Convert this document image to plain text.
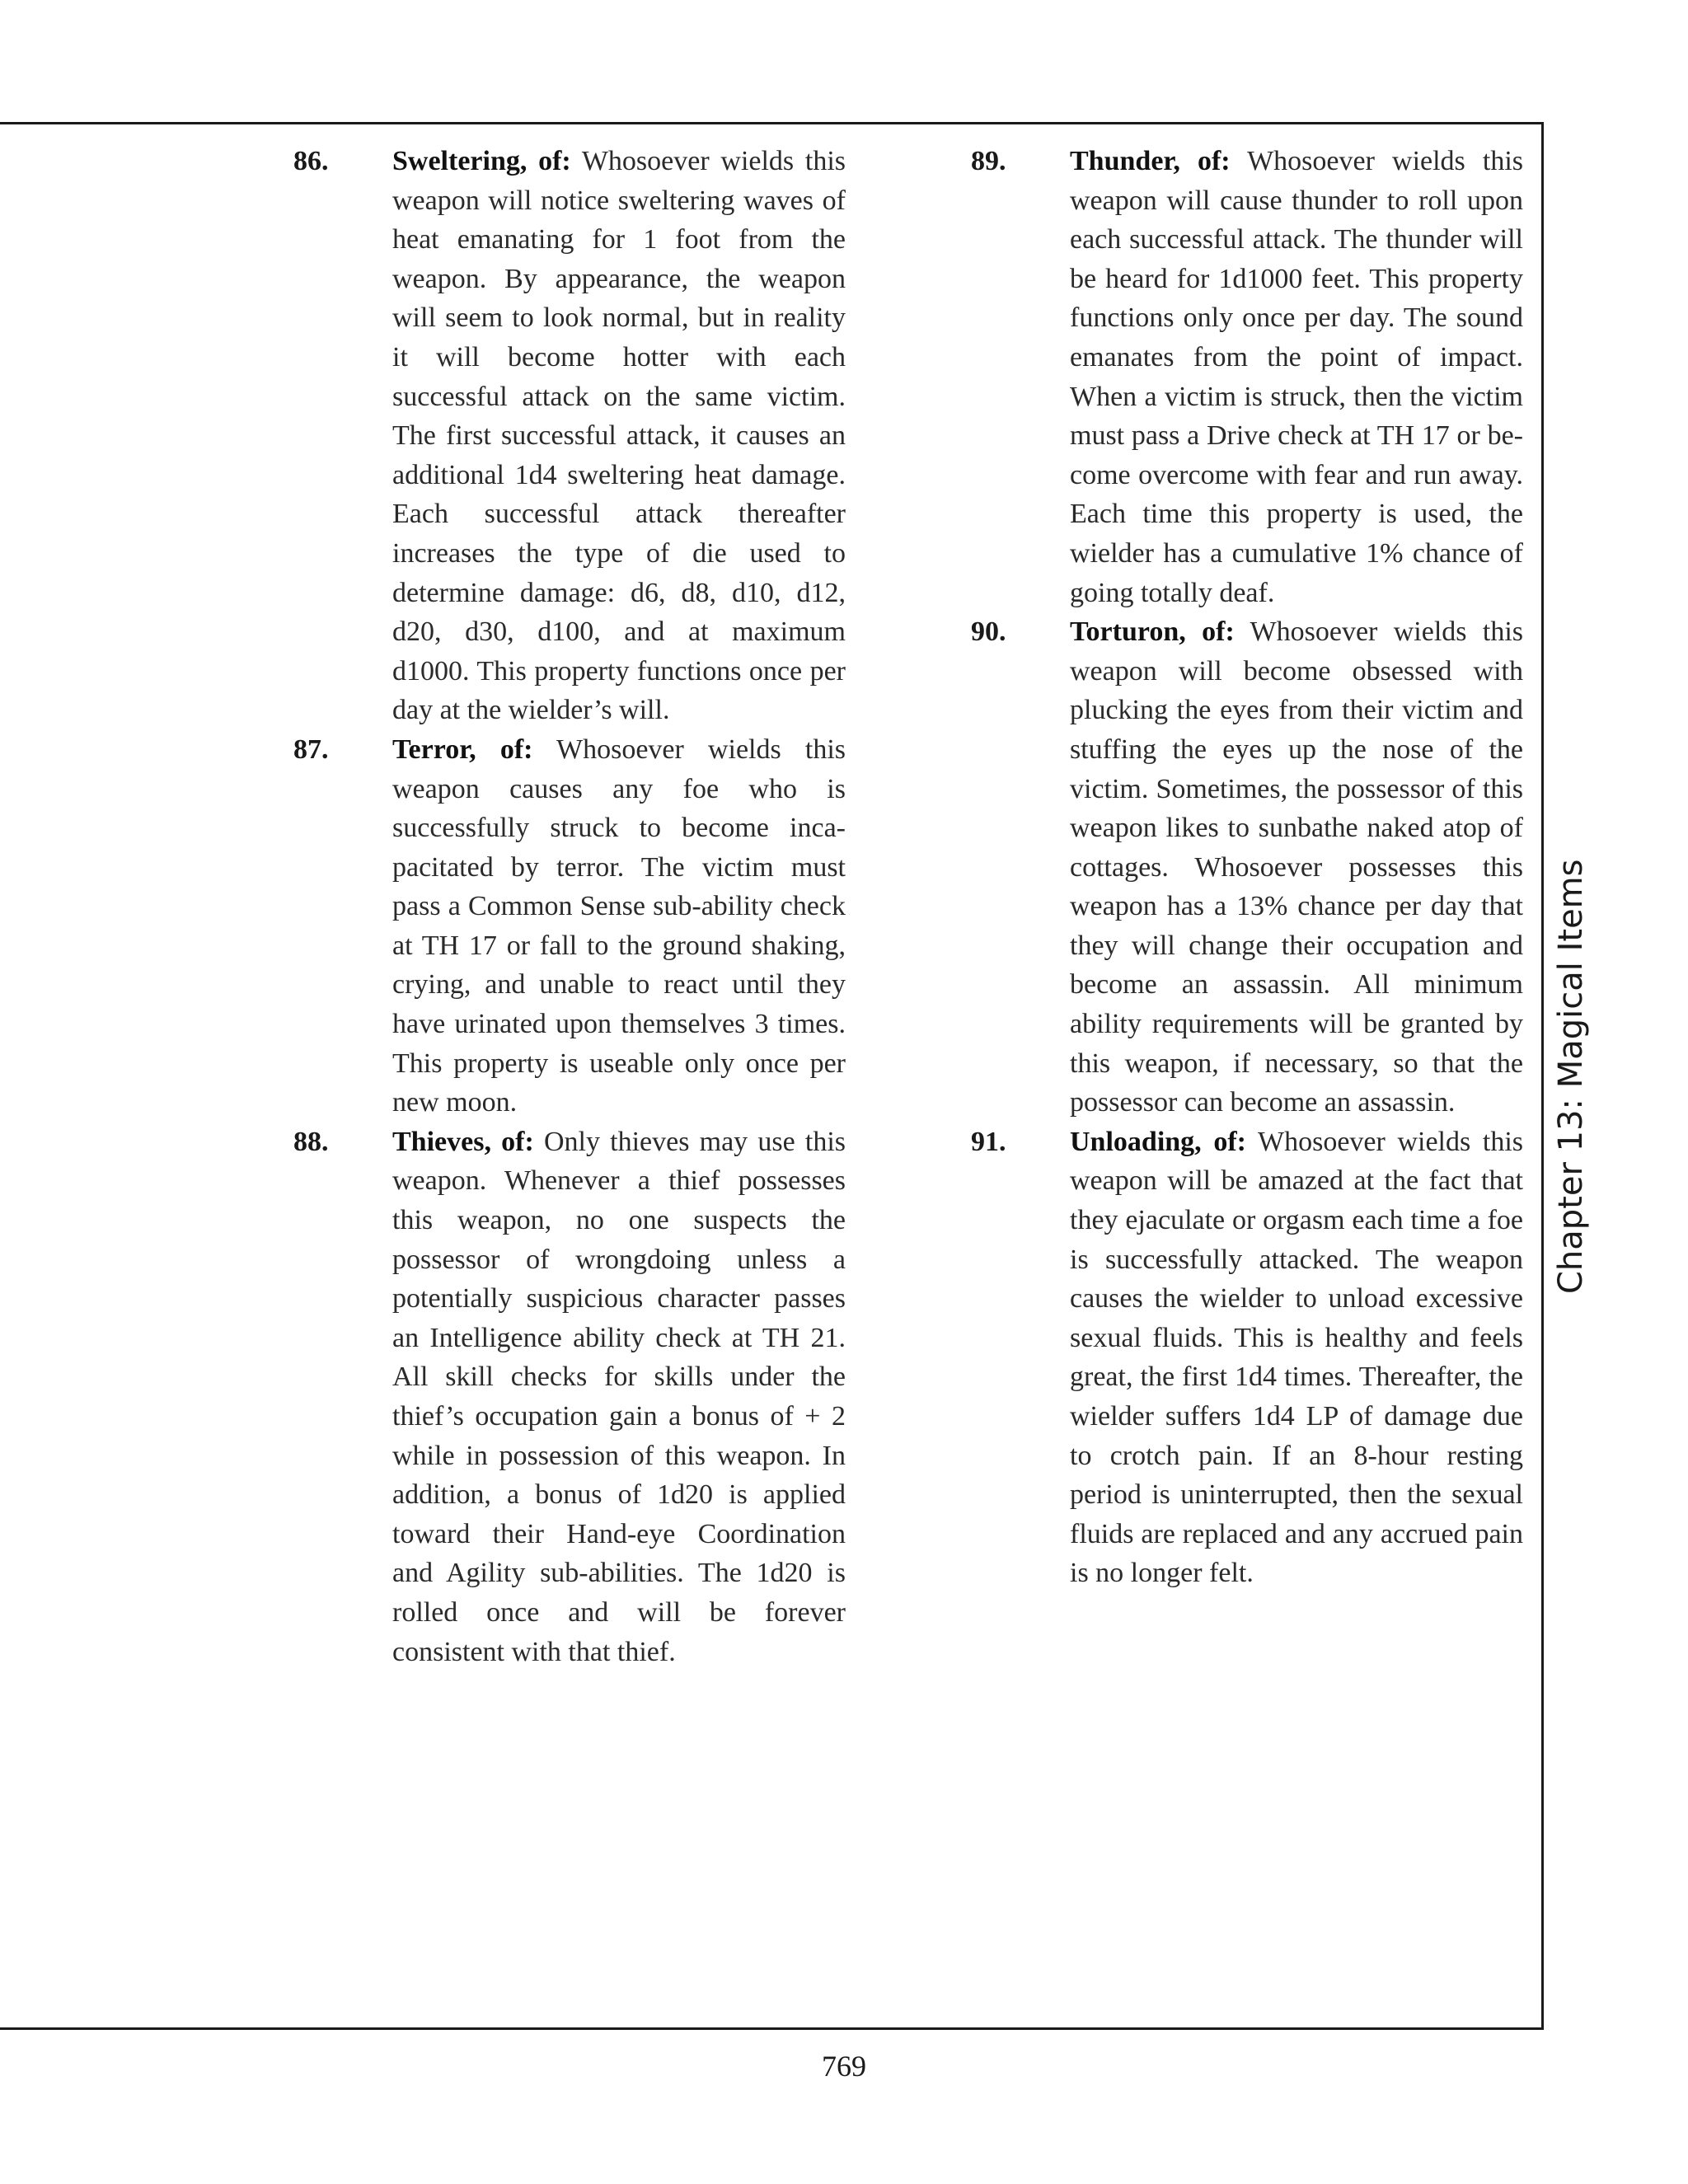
86.	Sweltering, of: Whosoever wields this weapon will notice sweltering waves of heat emanating for 1 foot from the weapon. By appearance, the weapon will seem to look normal, but in reality it will become hotter with each successful attack on the same victim. The first successful attack, it causes an additional 1d4 sweltering heat damage. Each successful attack thereafter increases the type of die used to determine damage: d6, d8, d10, d12, d20, d30, d100, and at maximum d1000. This property functions once per day at the wielder’s will.
87.	Terror, of: Whosoever wields this weapon causes any foe who is successfully struck to become incapacitated by terror. The victim must pass a Common Sense sub-ability check at TH 17 or fall to the ground shaking, crying, and unable to react until they have urinated upon themselves 3 times. This property is useable only once per new moon.
88.	Thieves, of: Only thieves may use this weapon. Whenever a thief possesses this weapon, no one suspects the possessor of wrongdoing unless a potentially suspicious character passes an Intelligence ability check at TH 21. All skill checks for skills under the thief’s occupation gain a bonus of + 2 while in possession of this weapon. In addition, a bonus of 1d20 is applied toward their Hand-eye Coordination and Agility sub-abilities. The 1d20 is rolled once and will be forever consistent with that thief.
89.	Thunder, of: Whosoever wields this weapon will cause thunder to roll upon each successful attack. The thunder will be heard for 1d1000 feet. This property functions only once per day. The sound emanates from the point of impact. When a victim is struck, then the victim must pass a Drive check at TH 17 or become overcome with fear and run away. Each time this property is used, the wielder has a cumulative 1% chance of going totally deaf.
90.	Torturon, of: Whosoever wields this weapon will become obsessed with plucking the eyes from their victim and stuffing the eyes up the nose of the victim. Sometimes, the possessor of this weapon likes to sunbathe naked atop of cottages. Whosoever possesses this weapon has a 13% chance per day that they will change their occupation and become an assassin. All minimum ability requirements will be granted by this weapon, if necessary, so that the possessor can become an assassin.
91.	Unloading, of: Whosoever wields this weapon will be amazed at the fact that they ejaculate or orgasm each time a foe is successfully attacked. The weapon causes the wielder to unload excessive sexual fluids. This is healthy and feels great, the first 1d4 times. Thereafter, the wielder suffers 1d4 LP of damage due to crotch pain. If an 8-hour resting period is uninterrupted, then the sexual fluids are replaced and any accrued pain is no longer felt.
Chapter 13: Magical Items
769
